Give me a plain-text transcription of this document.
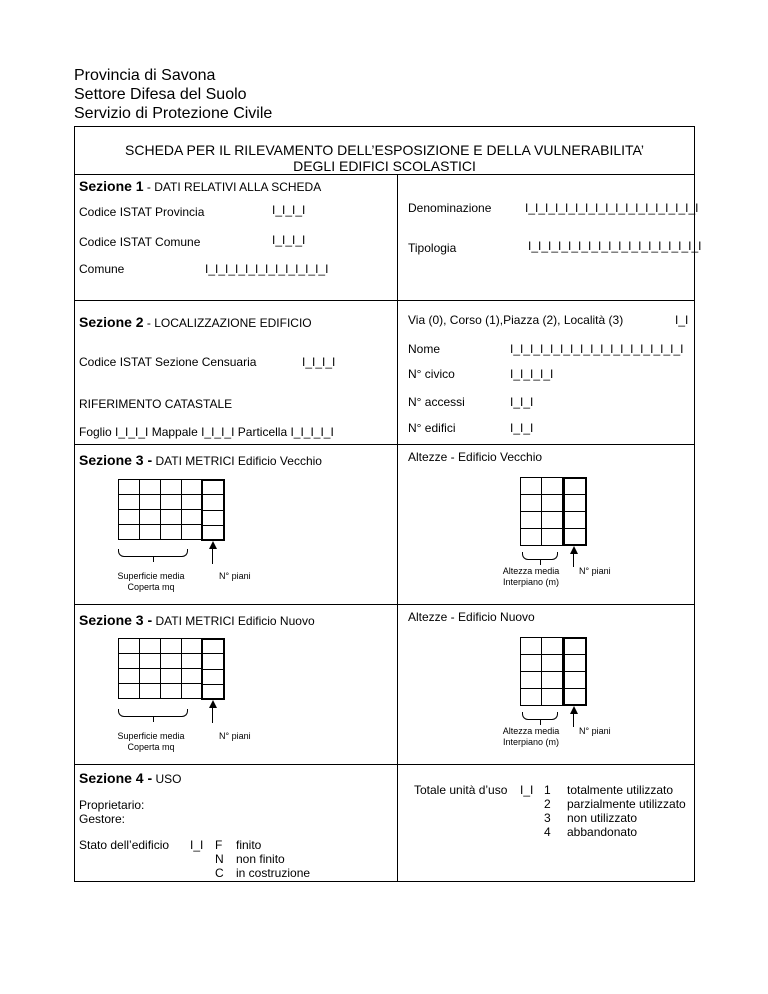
Provincia di Savona
Settore Difesa del Suolo
Servizio di Protezione Civile
SCHEDA PER IL RILEVAMENTO DELL’ESPOSIZIONE E DELLA VULNERABILITA’
DEGLI EDIFICI SCOLASTICI
Sezione 1 - DATI RELATIVI ALLA SCHEDA
Codice ISTAT Provincia	I_I_I_I
Codice ISTAT Comune	I_I_I_I
Comune	I_I_I_I_I_I_I_I_I_I_I_I_I
Denominazione	I_I_I_I_I_I_I_I_I_I_I_I_I_I_I_I_I_I
Tipologia	I_I_I_I_I_I_I_I_I_I_I_I_I_I_I_I_I_I
Sezione 2 - LOCALIZZAZIONE EDIFICIO
Codice ISTAT Sezione Censuaria	I_I_I_I
RIFERIMENTO CATASTALE
Foglio I_I_I_I Mappale I_I_I_I Particella I_I_I_I_I
Via (0), Corso (1),Piazza (2), Località (3)	I_I
Nome	I_I_I_I_I_I_I_I_I_I_I_I_I_I_I_I_I_I
N° civico	I_I_I_I_I
N° accessi	I_I_I
N° edifici	I_I_I
Sezione 3 - DATI METRICI Edificio Vecchio

Superficie media
Coperta mq
N° piani
Altezze - Edificio Vecchio

Altezza media
Interpiano (m)
N° piani
Sezione 3 - DATI METRICI Edificio Nuovo

Superficie media
Coperta mq
N° piani
Altezze - Edificio Nuovo

Altezza media
Interpiano (m)
N° piani
Sezione 4 - USO
Proprietario:
Gestore:
Stato dell’edificio I_I F finito
N non finito
C in costruzione
Totale unità d’uso I_I 1 totalmente utilizzato
2 parzialmente utilizzato
3 non utilizzato
4 abbandonato
